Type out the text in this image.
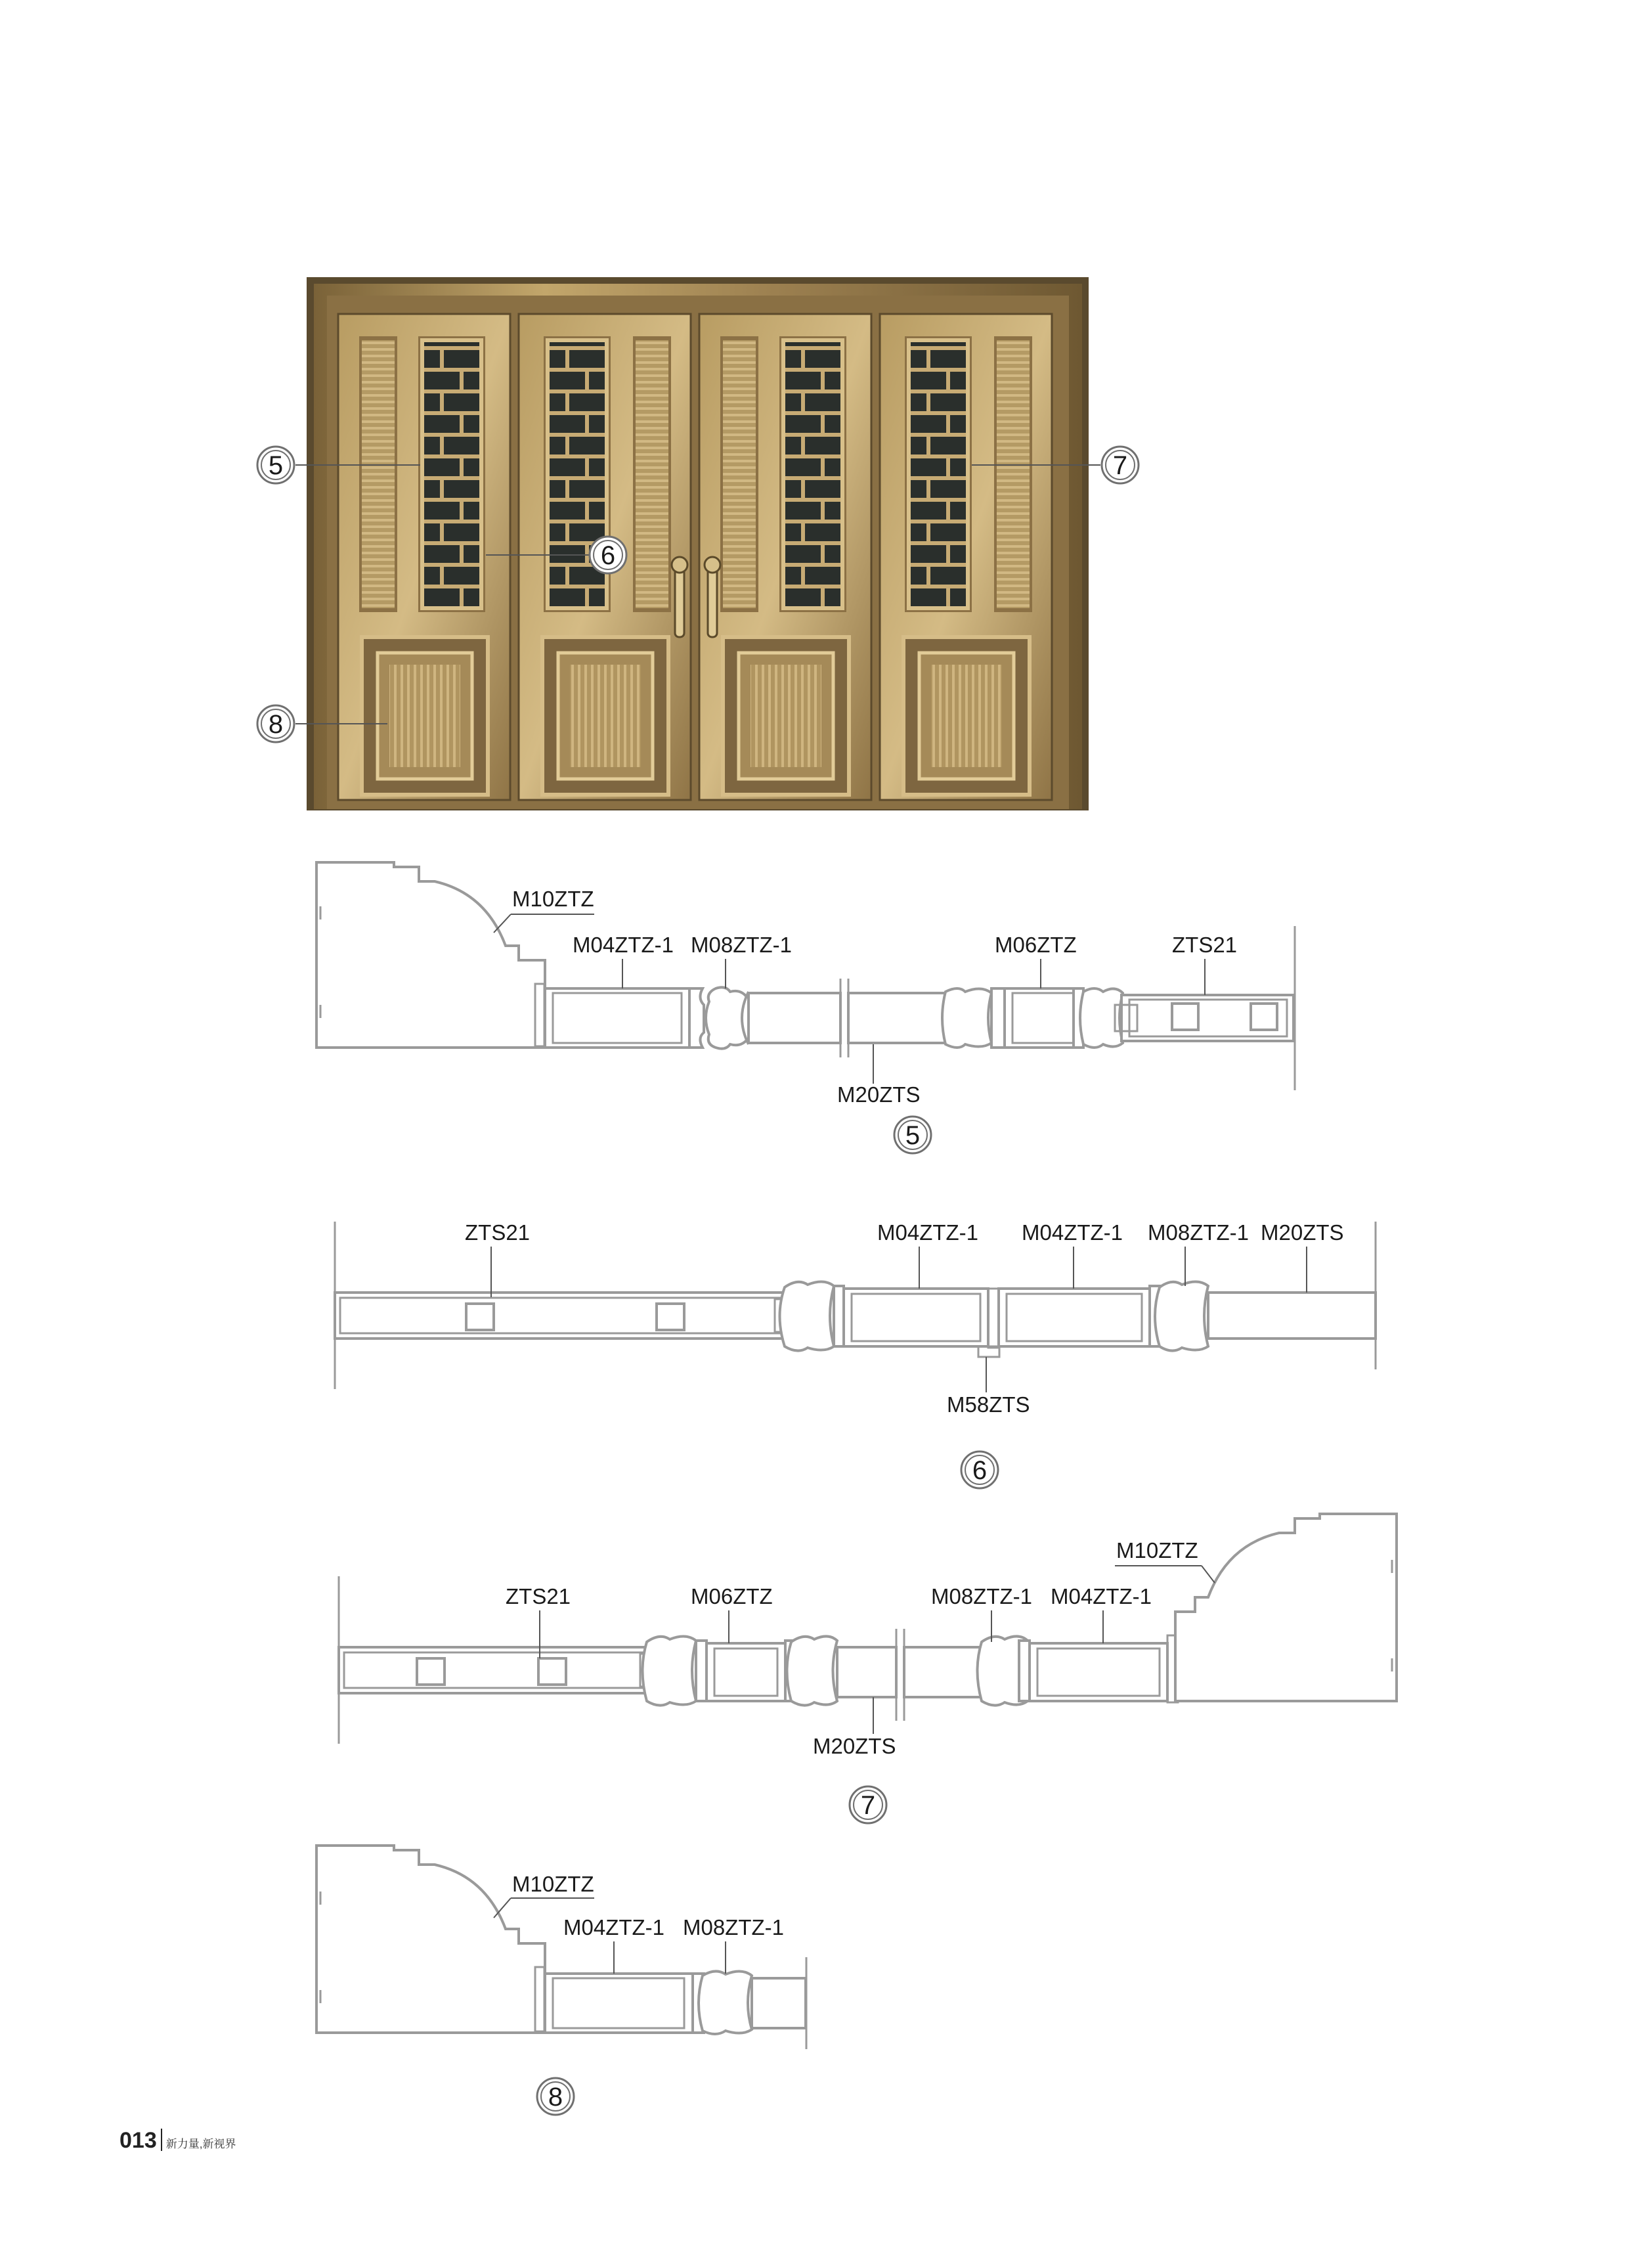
5
6
7
8
M10ZTZ
M04ZTZ-1 M08ZTZ-1	M06ZTZ	ZTS21
M20ZTS
5
ZTS21	M04ZTZ-1 M04ZTZ-1 M08ZTZ-1 M20ZTS
M58ZTS
6
ZTS21	M06ZTZ	M08ZTZ-1 M04ZTZ-1
M10ZTZ
M20ZTS
7
M10ZTZ
M04ZTZ-1 M08ZTZ-1
8
013 新力量,新视界
